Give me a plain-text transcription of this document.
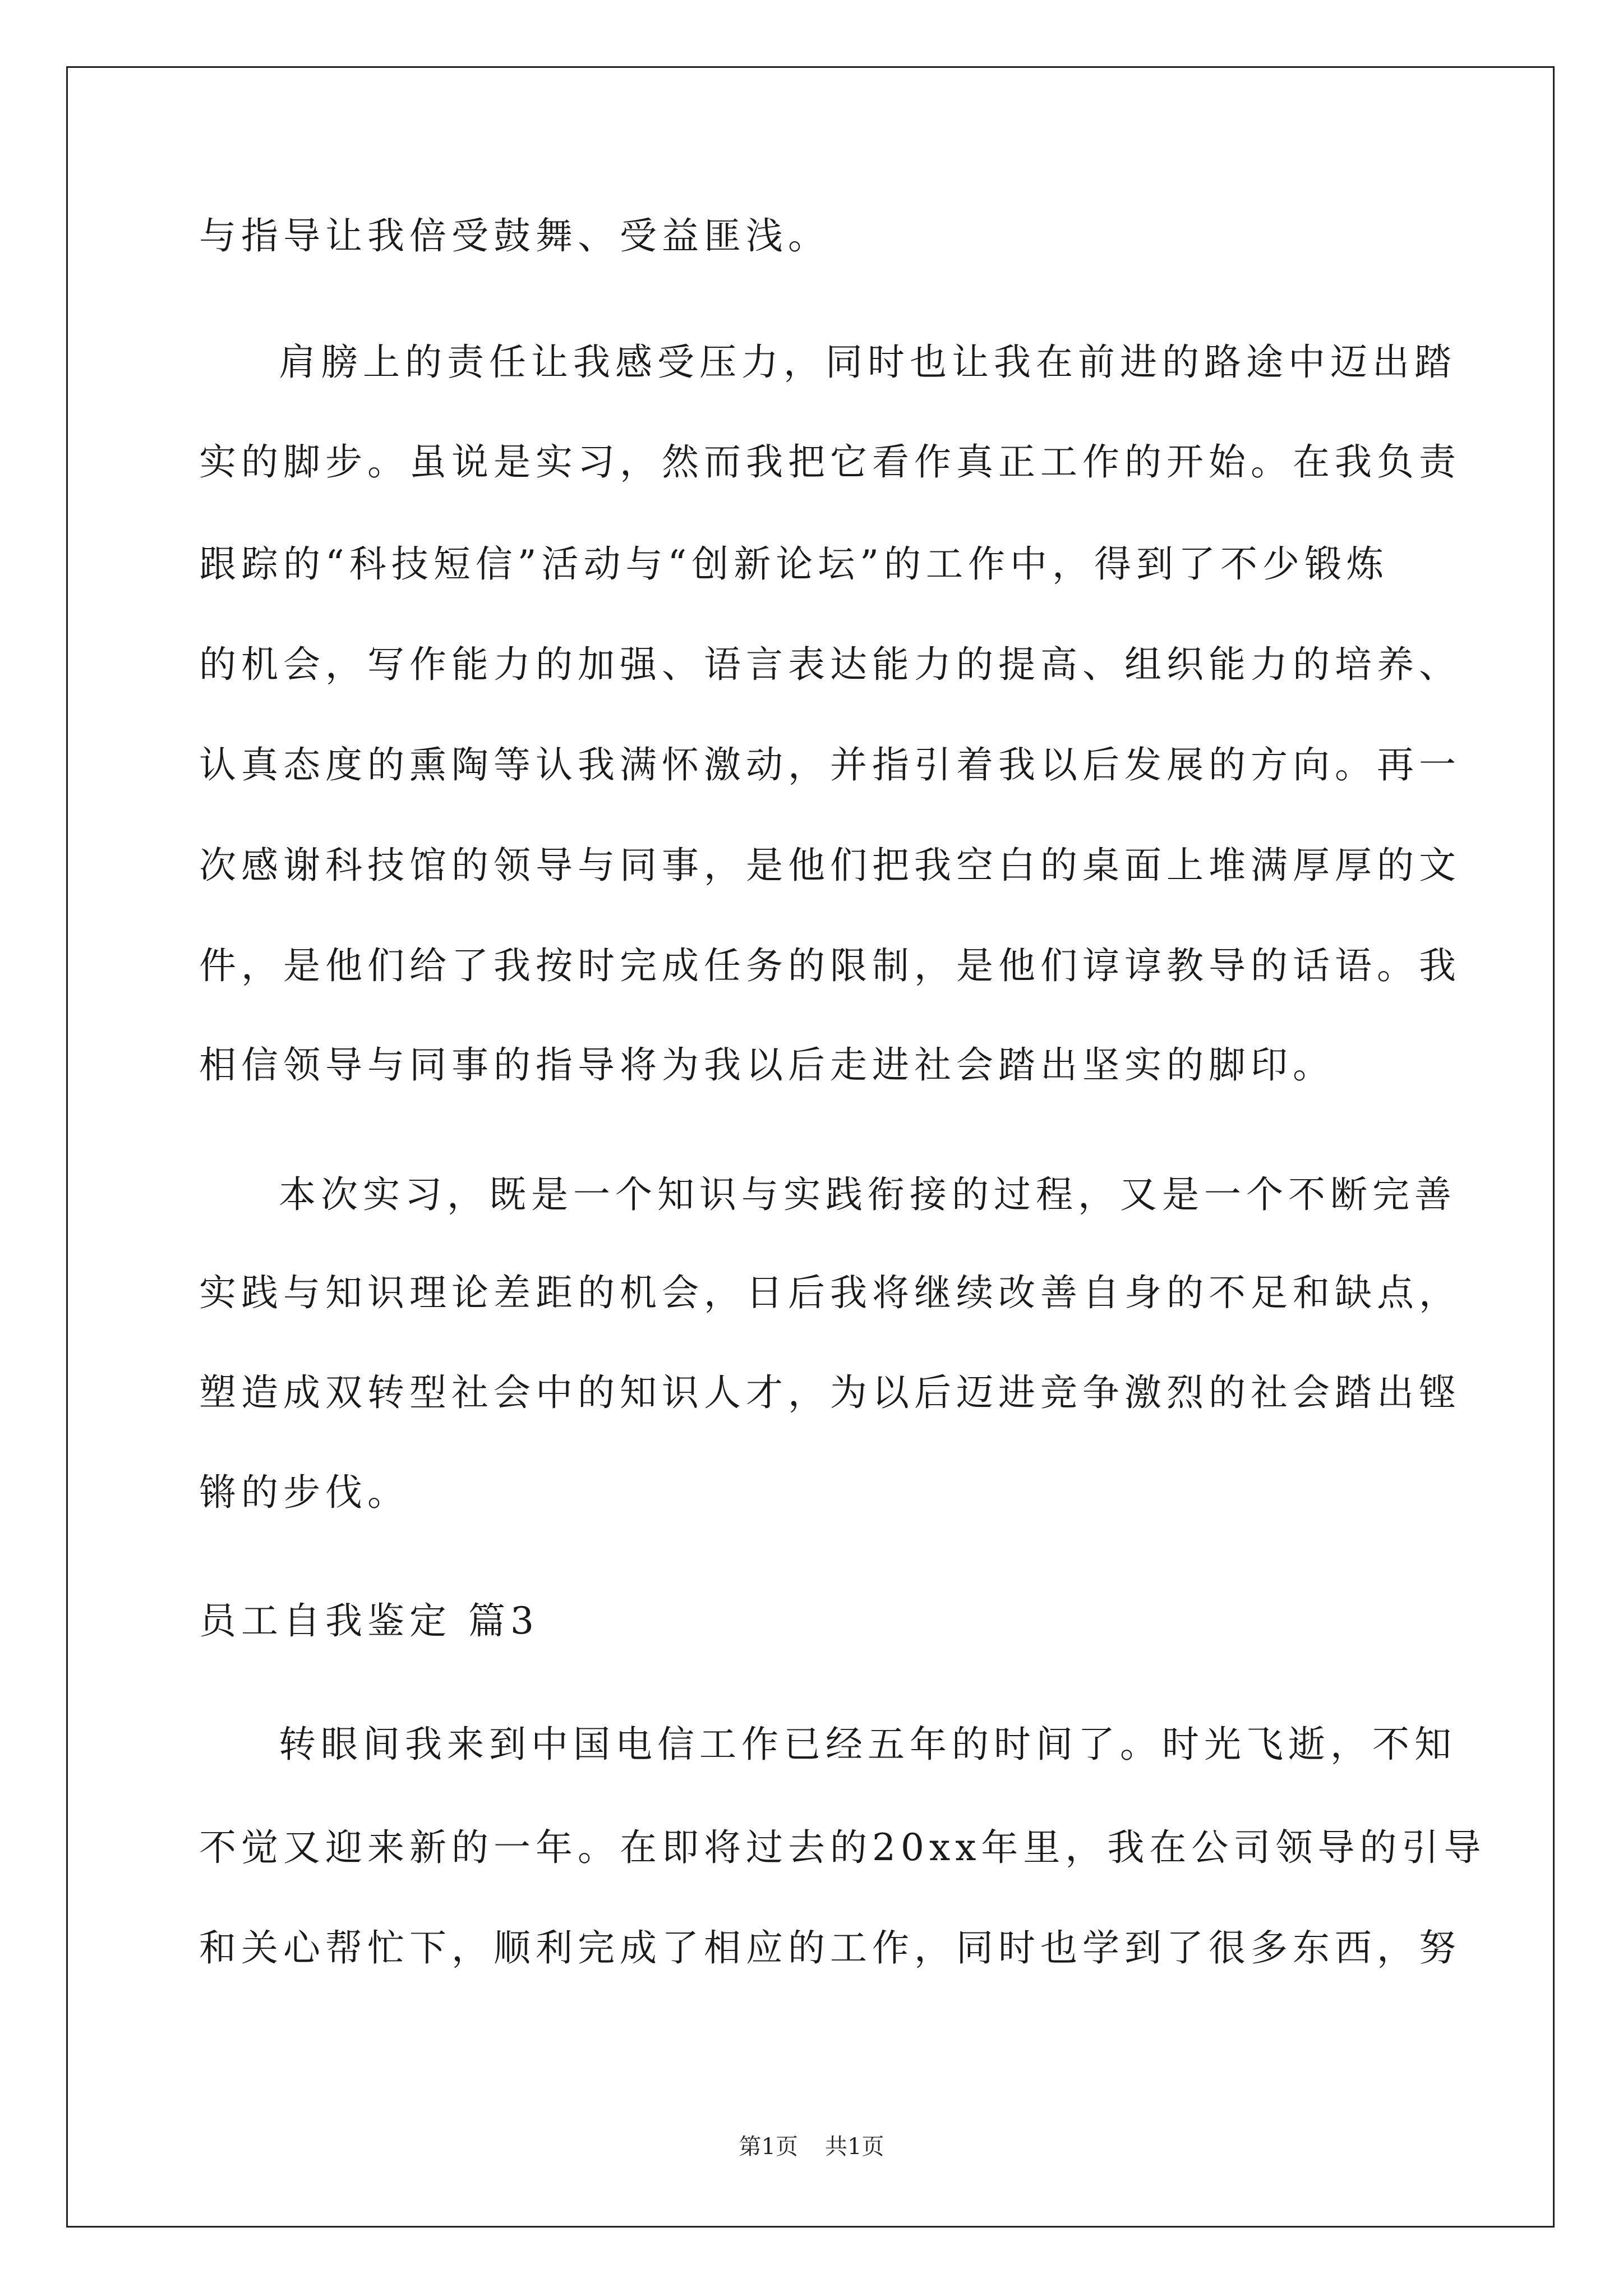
与指导让我倍受鼓舞、受益匪浅。
肩膀上的责任让我感受压力，同时也让我在前进的路途中迈出踏
实的脚步。虽说是实习，然而我把它看作真正工作的开始。在我负责
跟踪的“科技短信”活动与“创新论坛”的工作中，得到了不少锻炼
的机会，写作能力的加强、语言表达能力的提高、组织能力的培养、
认真态度的熏陶等认我满怀激动，并指引着我以后发展的方向。再一
次感谢科技馆的领导与同事，是他们把我空白的桌面上堆满厚厚的文
件，是他们给了我按时完成任务的限制，是他们谆谆教导的话语。我
相信领导与同事的指导将为我以后走进社会踏出坚实的脚印。
本次实习，既是一个知识与实践衔接的过程，又是一个不断完善
实践与知识理论差距的机会，日后我将继续改善自身的不足和缺点，
塑造成双转型社会中的知识人才，为以后迈进竞争激烈的社会踏出铿
锵的步伐。
员工自我鉴定 篇3
转眼间我来到中国电信工作已经五年的时间了。时光飞逝，不知
不觉又迎来新的一年。在即将过去的20xx年里，我在公司领导的引导
和关心帮忙下，顺利完成了相应的工作，同时也学到了很多东西，努
第1页 共1页
